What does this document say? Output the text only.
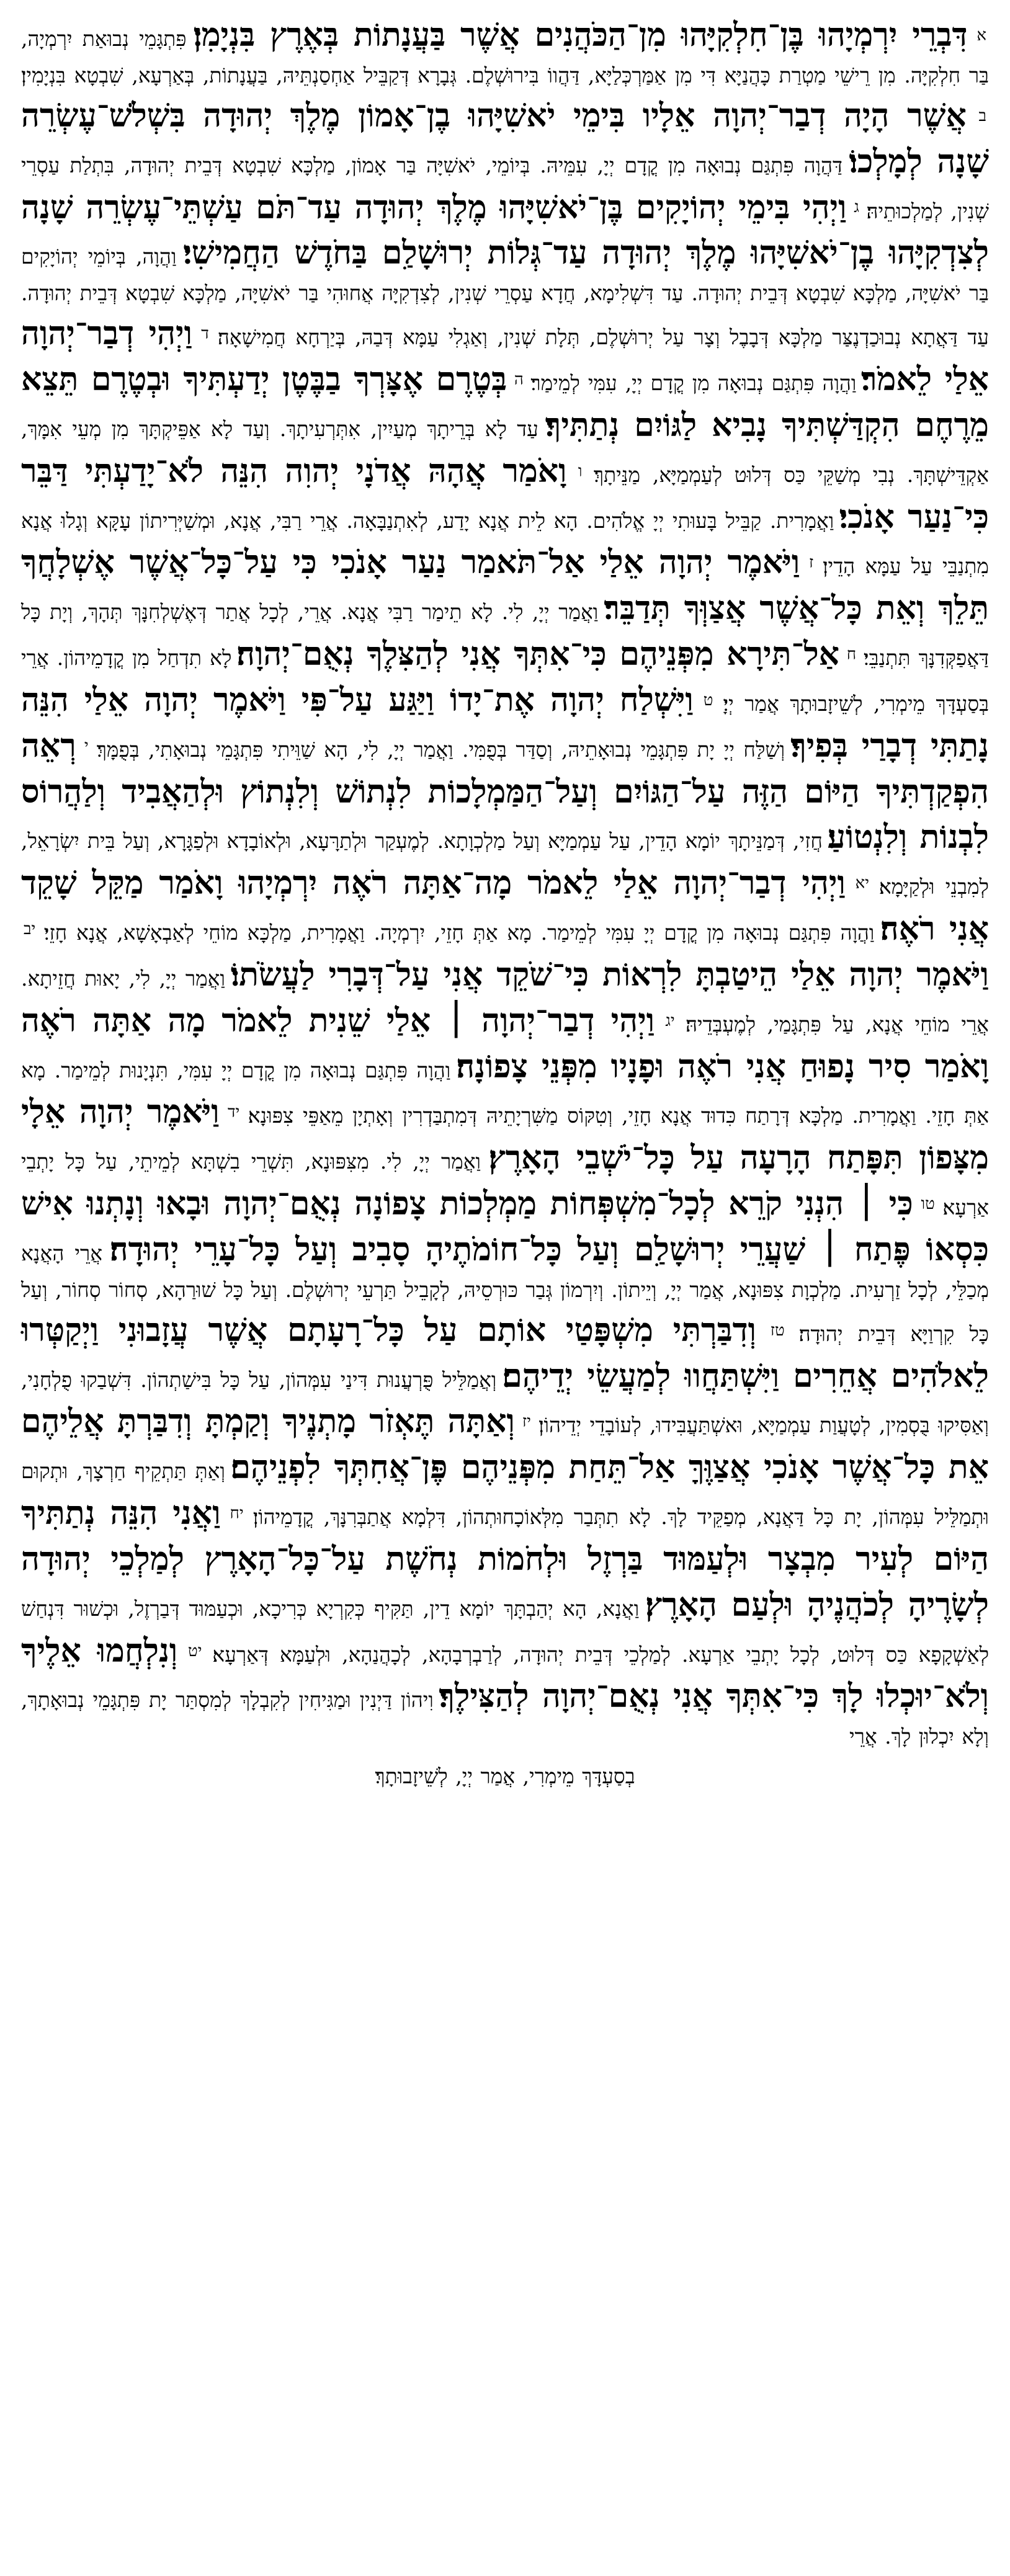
א דִּבְרֵי יִרְמְיָהוּ בֶּן־חִלְקִיָּהוּ מִן־הַכֹּהֲנִים אֲשֶׁר בַּעֲנָתוֹת בְּאֶרֶץ בִּנְיָמִן׃ פִּתְגָּמֵי נְבוּאַת יִרְמְיָה, בַּר חִלְקִיָּה. מִן רֵישֵׁי מַטְרַת כָּהֲנַיָּא דִּי מִן אַמַּרְכְּלַיָּא, דַּהֲווֹ בִּירוּשְׁלֶם. גְּבָרָא דְּקַבֵּיל אַחְסַנְתֵּיהּ, בַּעֲנָתוֹת, בְּאַרְעָא, שִׁבְטָא בִּנְיָמִין׃ ב אֲשֶׁר הָיָה דְבַר־יְהוָה אֵלָיו בִּימֵי יֹאשִׁיָּהוּ בֶן־אָמוֹן מֶלֶךְ יְהוּדָה בִּשְׁלֹשׁ־עֶשְׂרֵה שָׁנָה לְמָלְכוֹ׃ דַּהֲוָה פִּתְגַּם נְבוּאָה מִן קֳדָם יְיָ, עִמֵּיהּ. בְּיוֹמֵי, יֹאשִׁיָּה בַּר אָמוֹן, מַלְכָּא שִׁבְטָא דְּבֵית יְהוּדָה, בִּתְלַת עַסְרֵי שְׁנִין, לְמַלְכוּתֵיהּ׃ ג וַיְהִי בִּימֵי יְהוֹיָקִים בֶּן־יֹאשִׁיָּהוּ מֶלֶךְ יְהוּדָה עַד־תֹּם עַשְׁתֵּי־עֶשְׂרֵה שָׁנָה לְצִדְקִיָּהוּ בֶן־יֹאשִׁיָּהוּ מֶלֶךְ יְהוּדָה עַד־גְּלוֹת יְרוּשָׁלִַם בַּחֹדֶשׁ הַחֲמִישִׁי׃ וַהֲוָה, בְּיוֹמֵי יְהוֹיָקִים בַּר יֹאשִׁיָּה, מַלְכָּא שִׁבְטָא דְּבֵית יְהוּדָה. עַד דִּשְׁלִימָא, חֲדָא עַסְרֵי שְׁנִין, לְצִדְקִיָּה אֲחוּהִי בַּר יֹאשִׁיָּה, מַלְכָּא שִׁבְטָא דְּבֵית יְהוּדָה. עַד דַּאֲתָא נְבוּכַדְנֶצַּר מַלְכָּא דְּבָבֶל וְצָר עַל יְרוּשְׁלֶם, תְּלָת שְׁנִין, וְאַגְלִי עַמָּא דְּבַהּ, בְּיַרְחָא חֲמִישָׁאָה׃ ד וַיְהִי דְבַר־יְהוָה אֵלַי לֵאמֹר׃ וַהֲוָה פִּתְגַּם נְבוּאָה מִן קֳדָם יְיָ, עִמִּי לְמֵימַר׃ ה בְּטֶרֶם אֶצָּרְךָ בַבֶּטֶן יְדַעְתִּיךָ וּבְטֶרֶם תֵּצֵא מֵרֶחֶם הִקְדַּשְׁתִּיךָ נָבִיא לַגּוֹיִם נְתַתִּיךָ׃ עַד לָא בְּרֵיתָךְ מְעַיִין, אִתְּרְעִיתָךְ. וְעַד לָא אַפֵּיקְתָּךְ מִן מְעֵי אִמָּךְ, אַקְדֵּישְׁתָּךְ. נְבִי מְשַׁקֵּי כַּס דְּלוּט לְעַמְמַיָּא, מַנֵּיתָךְ׃ ו וָאֹמַר אֲהָהּ אֲדֹנָי יְהוִה הִנֵּה לֹא־יָדַעְתִּי דַּבֵּר כִּי־נַעַר אָנֹכִי׃ וַאֲמָרִית. קַבֵּיל בָּעוּתִי יְיָ אֱלֹהִים. הָא לֵית אֲנָא יָדַע, לְאִתְנַבָּאָה. אֲרֵי רַבִּי, אֲנָא, וּמְשַׁיְּרִיתוֹן עָקָּא וְגָלוּ אֲנָא מִתְנַבֵּי עַל עַמָּא הָדֵין׃ ז וַיֹּאמֶר יְהוָה אֵלַי אַל־תֹּאמַר נַעַר אָנֹכִי כִּי עַל־כָּל־אֲשֶׁר אֶשְׁלָחֲךָ תֵּלֵךְ וְאֵת כָּל־אֲשֶׁר אֲצַוְּךָ תְּדַבֵּר׃ וַאֲמַר יְיָ, לִי. לָא תֵימַר רַבִּי אֲנָא. אֲרֵי, לְכָל אֲתַר דְּאֶשְׁלְחִנָּךְ תְּהָךְ, וְיָת כָּל דַּאֲפַקְּדִנָּךְ תִּתְנַבֵּי׃ ח אַל־תִּירָא מִפְּנֵיהֶם כִּי־אִתְּךָ אֲנִי לְהַצִּלֶךָ נְאֻם־יְהוָה׃ לָא תִדְחַל מִן קֳדָמֵיהוֹן. אֲרֵי בְּסַעְדָּךְ מֵימְרִי, לְשֵׁיזָבוּתָךְ אֲמַר יְיָ׃ ט וַיִּשְׁלַח יְהוָה אֶת־יָדוֹ וַיַּגַּע עַל־פִּי וַיֹּאמֶר יְהוָה אֵלַי הִנֵּה נָתַתִּי דְבָרַי בְּפִיךָ׃ וְשַׁלַּח יְיָ יָת פִּתְגָּמֵי נְבוּאָתֵיהּ, וְסַדַּר בְּפֻמִּי. וַאֲמַר יְיָ, לִי, הָא שַׁוֵּיתִי פִּתְגָּמֵי נְבוּאָתִי, בְּפֻמָּךְ׃ י רְאֵה הִפְקַדְתִּיךָ הַיּוֹם הַזֶּה עַל־הַגּוֹיִם וְעַל־הַמַּמְלָכוֹת לִנְתוֹשׁ וְלִנְתוֹץ וּלְהַאֲבִיד וְלַהֲרוֹס לִבְנוֹת וְלִנְטוֹעַ׃ חֲזִי, דְּמַנֵּיתָךְ יוֹמָא הָדֵין, עַל עַמְמַיָּא וְעַל מַלְכְוָתָא. לְמֶעְקַר וּלְתַרָּעָא, וּלְאוֹבָדָא וּלְפַגָּרָא, וְעַל בֵּית יִשְׂרָאֵל, לְמִבְנֵי וּלְקַיָּמָא׃ יא וַיְהִי דְבַר־יְהוָה אֵלַי לֵאמֹר מָה־אַתָּה רֹאֶה יִרְמְיָהוּ וָאֹמַר מַקֵּל שָׁקֵד אֲנִי רֹאֶה׃ וַהֲוָה פִּתְגַּם נְבוּאָה מִן קֳדָם יְיָ עִמִּי לְמֵימַר. מָא אַתְּ חָזֵי, יִרְמְיָה. וַאֲמָרִית, מַלְכָּא מוֹחֵי לְאַבְאָשָׁא, אֲנָא חָזֵי׃ יב וַיֹּאמֶר יְהוָה אֵלַי הֵיטַבְתָּ לִרְאוֹת כִּי־שֹׁקֵד אֲנִי עַל־דְּבָרִי לַעֲשֹׂתוֹ׃ וַאֲמַר יְיָ, לִי, יָאוּת חֲזֵיתָא. אֲרֵי מוֹחֵי אֲנָא, עַל פִּתְגָּמַי, לְמֶעְבְּדֵיהּ׃ יג וַיְהִי דְבַר־יְהוָה ׀ אֵלַי שֵׁנִית לֵאמֹר מָה אַתָּה רֹאֶה וָאֹמַר סִיר נָפוּחַ אֲנִי רֹאֶה וּפָנָיו מִפְּנֵי צָפוֹנָה׃ וַהֲוָה פִּתְגַּם נְבוּאָה מִן קֳדָם יְיָ עִמִּי, תִּנְיָנוּת לְמֵימַר. מָא אַתְּ חָזֵי. וַאֲמָרִית. מַלְכָּא דְּרָתַח כִּדוּד אֲנָא חָזֵי, וְטִקּוֹס מַשִּׁרְיָתֵיהּ דְּמִתְבַּדְרִין וְאָתְיָן מֵאַפֵּי צִפּוּנָא׃ יד וַיֹּאמֶר יְהוָה אֵלָי מִצָּפוֹן תִּפָּתַח הָרָעָה עַל כָּל־יֹשְׁבֵי הָאָרֶץ׃ וַאֲמַר יְיָ, לִי. מִצִּפּוּנָא, תִּשְׁרֵי בִשְׁתָּא לְמֵיתֵי, עַל כָּל יָתְבֵי אַרְעָא׃ טו כִּי ׀ הִנְנִי קֹרֵא לְכָל־מִשְׁפְּחוֹת מַמְלְכוֹת צָפוֹנָה נְאֻם־יְהוָה וּבָאוּ וְנָתְנוּ אִישׁ כִּסְאוֹ פֶּתַח ׀ שַׁעֲרֵי יְרוּשָׁלִַם וְעַל כָּל־חוֹמֹתֶיהָ סָבִיב וְעַל כָּל־עָרֵי יְהוּדָה׃ אֲרֵי הָאֲנָא מְכַלֵּי, לְכָל זַרְעִית. מַלְכְוָת צִפּוּנָא, אֲמַר יְיָ, וְיֵיתוֹן. וְיִרְמוֹן גְּבַר כּוּרְסֵיהּ, לְקָבֵיל תַּרְעֵי יְרוּשְׁלֶם. וְעַל כָּל שׁוּרַהָא, סְחוֹר סְחוֹר, וְעַל כָּל קִרְוַיָּא דְּבֵית יְהוּדָה׃ טז וְדִבַּרְתִּי מִשְׁפָּטַי אוֹתָם עַל כָּל־רָעָתָם אֲשֶׁר עֲזָבוּנִי וַיְקַטְּרוּ לֵאלֹהִים אֲחֵרִים וַיִּשְׁתַּחֲווּ לְמַעֲשֵׂי יְדֵיהֶם׃ וְאֲמַלֵּיל פֻּרְעֲנוּת דִּינַי עִמְּהוֹן, עַל כָּל בִּישַׁתְהוֹן. דִּשְׁבַקוּ פֻלְחָנִי, וְאַסִּיקוּ בֻּסְמִין, לְטָעֲוַת עַמְמַיָּא, וּאשְׁתַּעֲבִּידוּ, לְעוֹבָדֵי יְדֵיהוֹן׃ יז וְאַתָּה תֶּאְזֹר מָתְנֶיךָ וְקַמְתָּ וְדִבַּרְתָּ אֲלֵיהֶם אֵת כָּל־אֲשֶׁר אָנֹכִי אֲצַוֶּךָּ אַל־תֵּחַת מִפְּנֵיהֶם פֶּן־אֲחִתְּךָ לִפְנֵיהֶם׃ וְאַתְּ תַּתְקֵיף חַרְצָךְ, וּתְקוּם וּתְמַלֵּיל עִמְּהוֹן, יָת כָּל דַּאֲנָא, מְפַקֵּיד לָךְ. לָא תִתְּבַר מִלְּאוֹכָחוּתְהוֹן, דִּלְמָא אֲתַבְּרִנָּךְ, קֳדָמֵיהוֹן׃ יח וַאֲנִי הִנֵּה נְתַתִּיךָ הַיּוֹם לְעִיר מִבְצָר וּלְעַמּוּד בַּרְזֶל וּלְחֹמוֹת נְחֹשֶׁת עַל־כָּל־הָאָרֶץ לְמַלְכֵי יְהוּדָה לְשָׂרֶיהָ לְכֹהֲנֶיהָ וּלְעַם הָאָרֶץ׃ וַאֲנָא, הָא יְהַבְתָּךְ יוֹמָא דֵין, תַּקִּיף כְּקִרְיָא כְּרִיכָא, וּכְעַמּוּד דְּבַרְזֶל, וּכְשׁוּר דִּנְחַשׁ לְאַשְׁקָפָא כַּס דְּלוּט, לְכָל יָתְבֵי אַרְעָא. לְמַלְכֵי דְּבֵית יְהוּדָה, לְרַבְרְבָהָא, לְכָהֲנַהָא, וּלְעַמָּא דְּאַרְעָא׃ יט וְנִלְחֲמוּ אֵלֶיךָ וְלֹא־יוּכְלוּ לָךְ כִּי־אִתְּךָ אֲנִי נְאֻם־יְהוָה לְהַצִּילֶךָ׃ וִיהוֹן דַּיְנִין וּמַגִּיחִין לְקִבְלָךְ לְמִסְתַּר יָת פִּתְגָּמֵי נְבוּאָתָךְ, וְלָא יִכְלוּן לָךְ. אֲרֵי
בְסַעְדָּךְ מֵימְרִי, אֲמַר יְיָ, לְשֵׁיזָבוּתָךְ׃
